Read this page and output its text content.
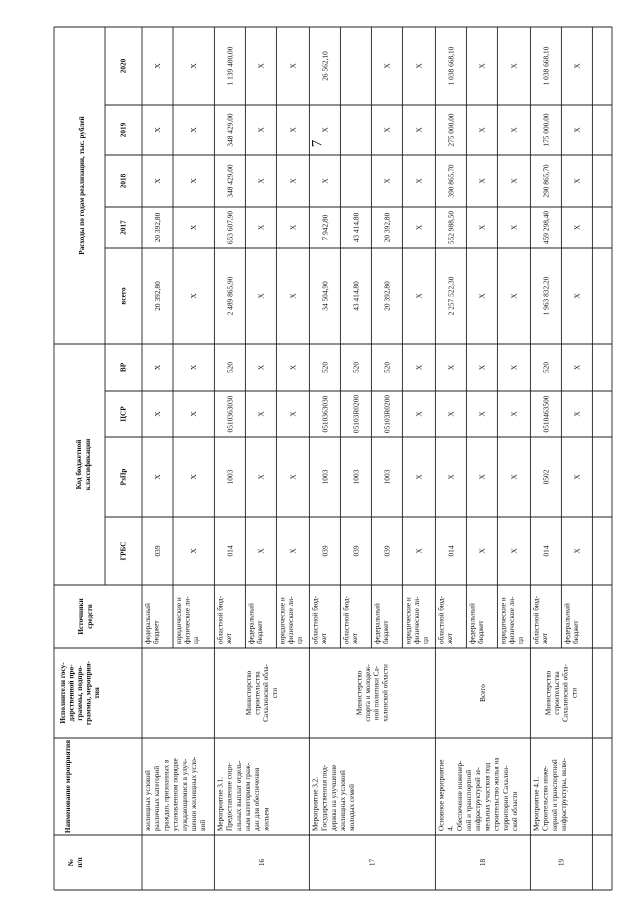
7
№ п/п
Наименование мероприятия
Исполнители госу- дарственной про- граммы, подпро- граммы, мероприя- тия
Источники средств
Код бюджетной классификации
Расходы по годам реализации, тыс. рублей
ГРБС
РзПр
ЦСР
ВР
всего
2017
2018
2019
2020
федеральный бюджет
039
X
X
X
20 392,80
20 392,80
X
X
X
юридические и физические ли- ца
X
X
X
X
X
X
X
X
X
жилищных условий различных категорий граждан, признанных в установленном порядке нуждающимися в улуч- шении жилищных усло- вий
областной бюд- жет
014
1003
0510363030
520
2 489 865,90
653 607,90
348 429,00
348 429,00
1 139 400,00
федеральный бюджет
X
X
X
X
X
X
X
X
X
юридические и физические ли- ца
X
X
X
X
X
X
X
X
X
16
Мероприятие 3.1. Предоставление соци- альных выплат отдель- ным категориям граж- дан для обеспечения жильем
Министерство строительства Сахалинской обла- сти
областной бюд- жет
039
1003
0510363030
520
34 504,90
7 942,80
X
X
26 562,10
областной бюд- жет
039
1003
05103R0200
520
43 414,80
43 414,80
федеральный бюджет
039
1003
05103R0200
520
20 392,80
20 392,80
X
X
X
юридические и физические ли- ца
X
X
X
X
X
X
X
X
X
17
Мероприятие 3.2. Государственная под- держка на улучшение жилищных условий молодых семей
Министерство спорта и молодеж- ной политики Са- халинской области
областной бюд- жет
014
X
X
X
2 257 522,30
552 988,50
390 865,70
275 000,00
1 038 668,10
федеральный бюджет
X
X
X
X
X
X
X
X
X
юридические и физические ли- ца
X
X
X
X
X
X
X
X
X
18
Основное мероприятие 4. Обеспечение инженер- ной и транспортной инфраструктурой зе- мельных участков под строительство жилья на территории Сахалин- ской области
Всего
областной бюд- жет
014
0502
0510463500
520
1 963 832,20
459 298,40
290 865,70
175 000,00
1 038 668,10
федеральный бюджет
X
X
X
X
X
X
X
X
X
19
Мероприятие 4.1. Строительство инже- нерной и транспортной инфраструктуры, вклю-
Министерство строительства Сахалинской обла- сти
